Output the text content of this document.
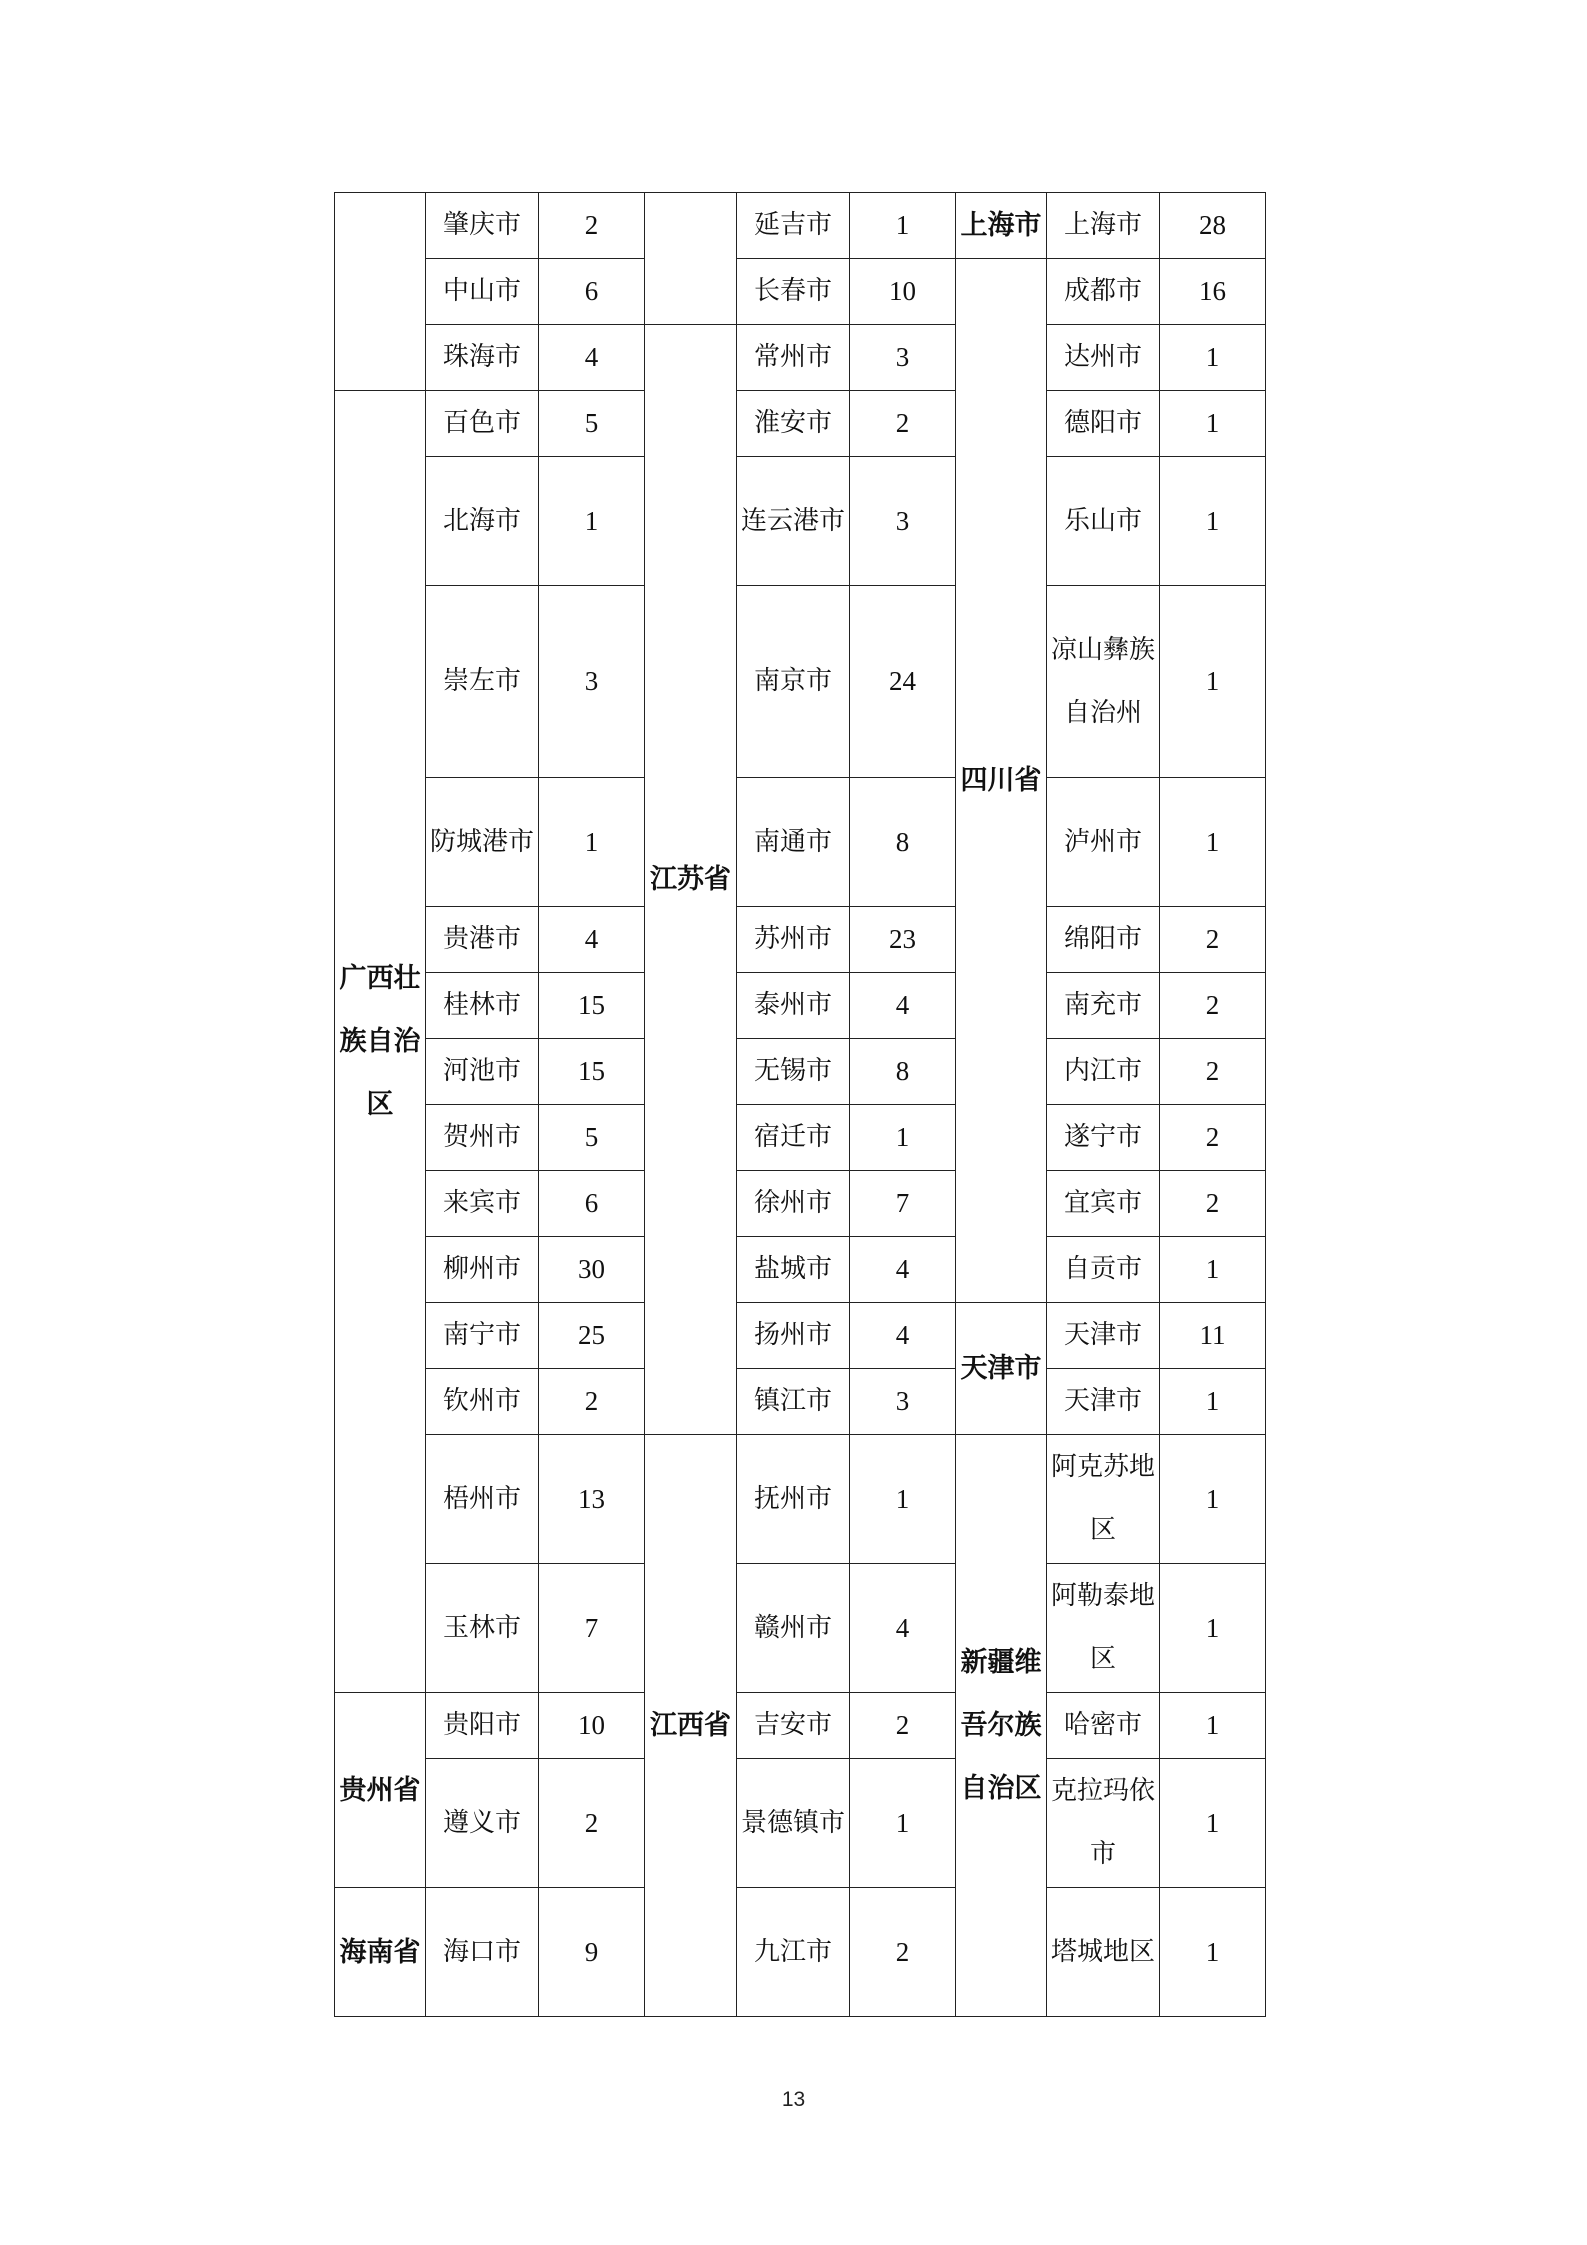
	肇庆市	2		延吉市	1	上海市	上海市	28
	中山市	6		长春市	10	四川省	成都市	16
	珠海市	4	江苏省	常州市	3		达州市	1
广西壮族自治区	百色市	5		淮安市	2		德阳市	1
	北海市	1		连云港市	3		乐山市	1
	崇左市	3		南京市	24		凉山彝族自治州	1
	防城港市	1		南通市	8		泸州市	1
	贵港市	4		苏州市	23		绵阳市	2
	桂林市	15		泰州市	4		南充市	2
	河池市	15		无锡市	8		内江市	2
	贺州市	5		宿迁市	1		遂宁市	2
	来宾市	6		徐州市	7		宜宾市	2
	柳州市	30		盐城市	4		自贡市	1
	南宁市	25		扬州市	4	天津市	天津市	11
	钦州市	2		镇江市	3		天津市	1
	梧州市	13	江西省	抚州市	1	新疆维吾尔族自治区	阿克苏地区	1
	玉林市	7		赣州市	4		阿勒泰地区	1
贵州省	贵阳市	10		吉安市	2		哈密市	1
	遵义市	2		景德镇市	1		克拉玛依市	1
海南省	海口市	9		九江市	2		塔城地区	1
13
